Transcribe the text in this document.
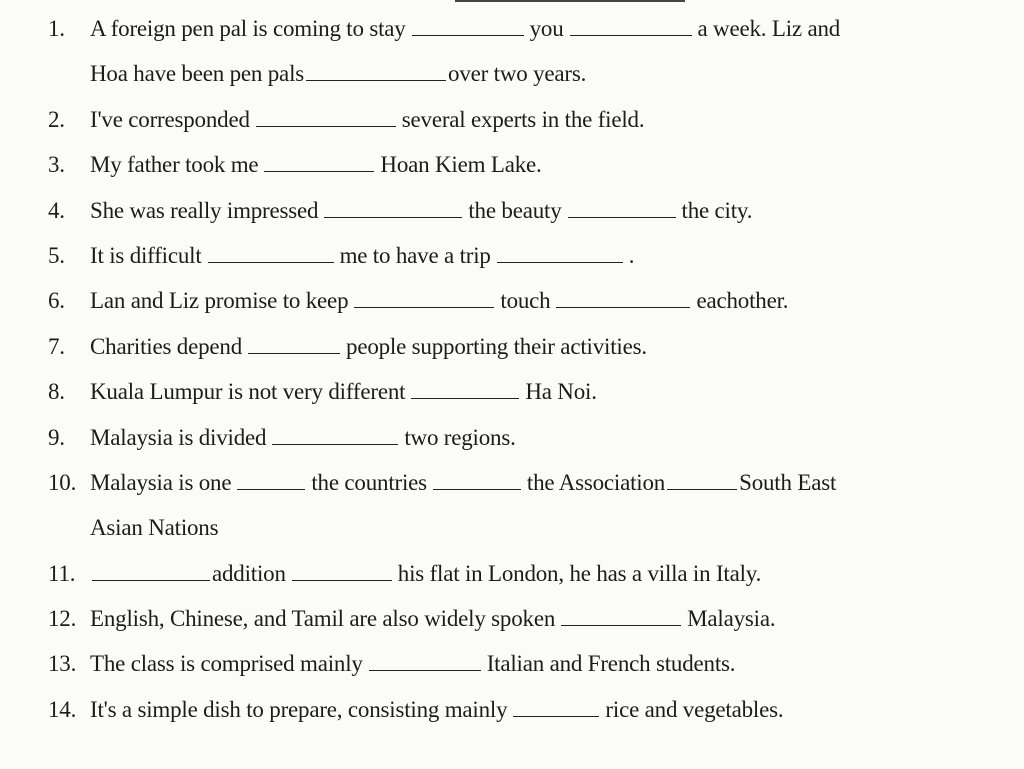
1.	A foreign pen pal is coming to stay	you	a week. Liz and
Hoa have been pen pals	over two years.
2.	I've corresponded	several experts in the field.
3.	My father took me	Hoan Kiem Lake.
4.	She was really impressed	the beauty	the city.
5.	It is difficult	me to have a trip	.
6.	Lan and Liz promise to keep	touch	eachother.
7.	Charities depend	people supporting their activities.
8.	Kuala Lumpur is not very different	Ha Noi.
9.	Malaysia is divided	two regions.
10. Malaysia is one	the countries	the Association	South East
Asian Nations
11.	addition	his flat in London, he has a villa in Italy.
12. English, Chinese, and Tamil are also widely spoken	Malaysia.
13. The class is comprised mainly	Italian and French students.
14. It's a simple dish to prepare, consisting mainly	rice and vegetables.
